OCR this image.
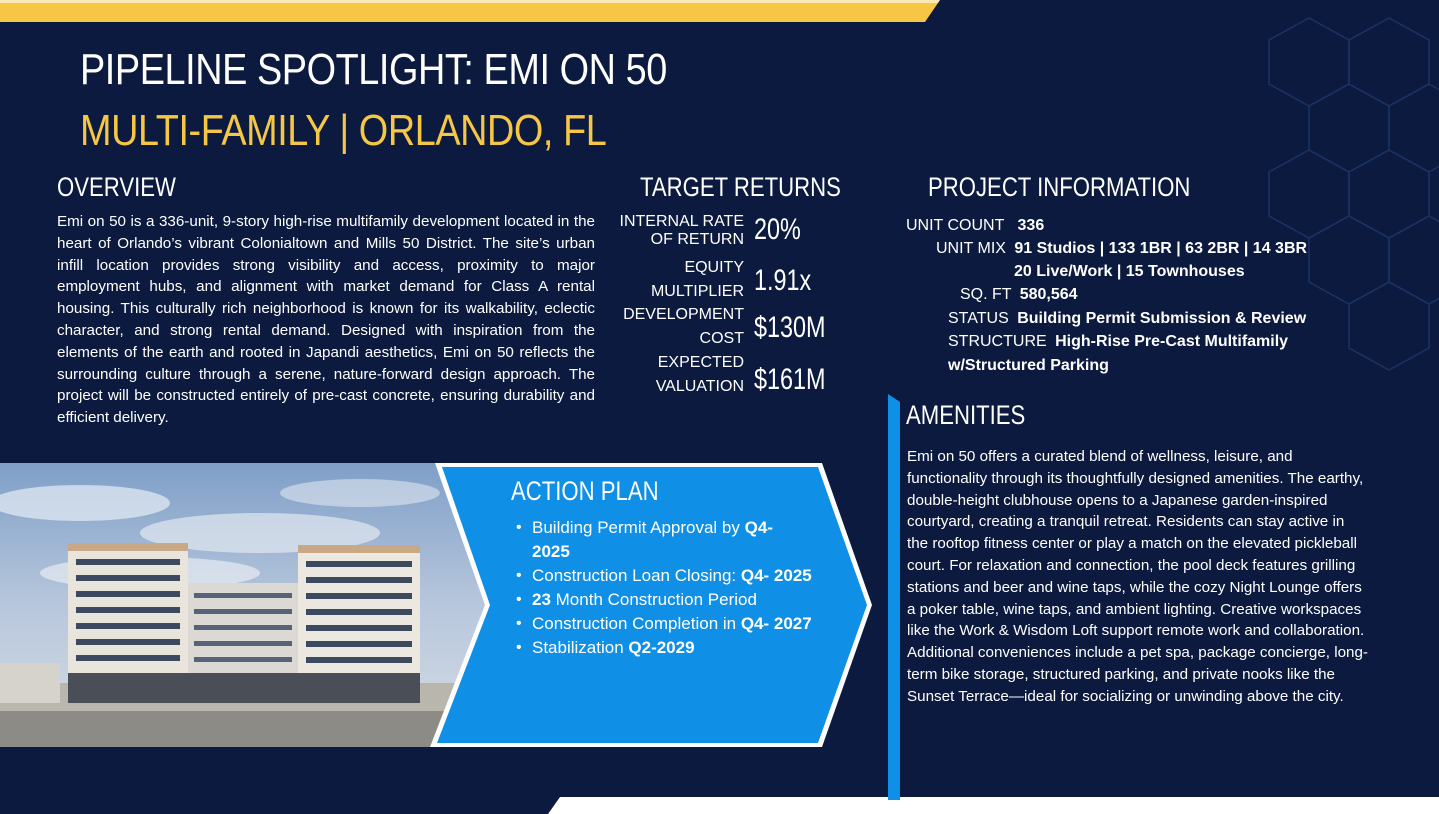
PIPELINE SPOTLIGHT: EMI ON 50
MULTI-FAMILY | ORLANDO, FL
OVERVIEW
Emi on 50 is a 336-unit, 9-story high-rise multifamily development located in the heart of Orlando’s vibrant Colonialtown and Mills 50 District. The site’s urban infill location provides strong visibility and access, proximity to major employment hubs, and alignment with market demand for Class A rental housing. This culturally rich neighborhood is known for its walkability, eclectic character, and strong rental demand. Designed with inspiration from the elements of the earth and rooted in Japandi aesthetics, Emi on 50 reflects the surrounding culture through a serene, nature-forward design approach. The project will be constructed entirely of pre-cast concrete, ensuring durability and efficient delivery.
TARGET RETURNS
INTERNAL RATE
OF RETURN 20%
EQUITY
MULTIPLIER 1.91x
DEVELOPMENT
COST $130M
EXPECTED
VALUATION $161M
PROJECT INFORMATION
UNIT COUNT 336
UNIT MIX 91 Studios | 133 1BR | 63 2BR | 14 3BR
20 Live/Work | 15 Townhouses
SQ. FT 580,564
STATUS Building Permit Submission & Review
STRUCTURE High-Rise Pre-Cast Multifamily
w/Structured Parking
AMENITIES
Emi on 50 offers a curated blend of wellness, leisure, and functionality through its thoughtfully designed amenities. The earthy, double-height clubhouse opens to a Japanese garden-inspired courtyard, creating a tranquil retreat. Residents can stay active in the rooftop fitness center or play a match on the elevated pickleball court. For relaxation and connection, the pool deck features grilling stations and beer and wine taps, while the cozy Night Lounge offers a poker table, wine taps, and ambient lighting. Creative workspaces like the Work & Wisdom Loft support remote work and collaboration. Additional conveniences include a pet spa, package concierge, long-term bike storage, structured parking, and private nooks like the Sunset Terrace—ideal for socializing or unwinding above the city.
ACTION PLAN
• Building Permit Approval by Q4- 2025
• Construction Loan Closing: Q4- 2025
• 23 Month Construction Period
• Construction Completion in Q4- 2027
• Stabilization Q2-2029
